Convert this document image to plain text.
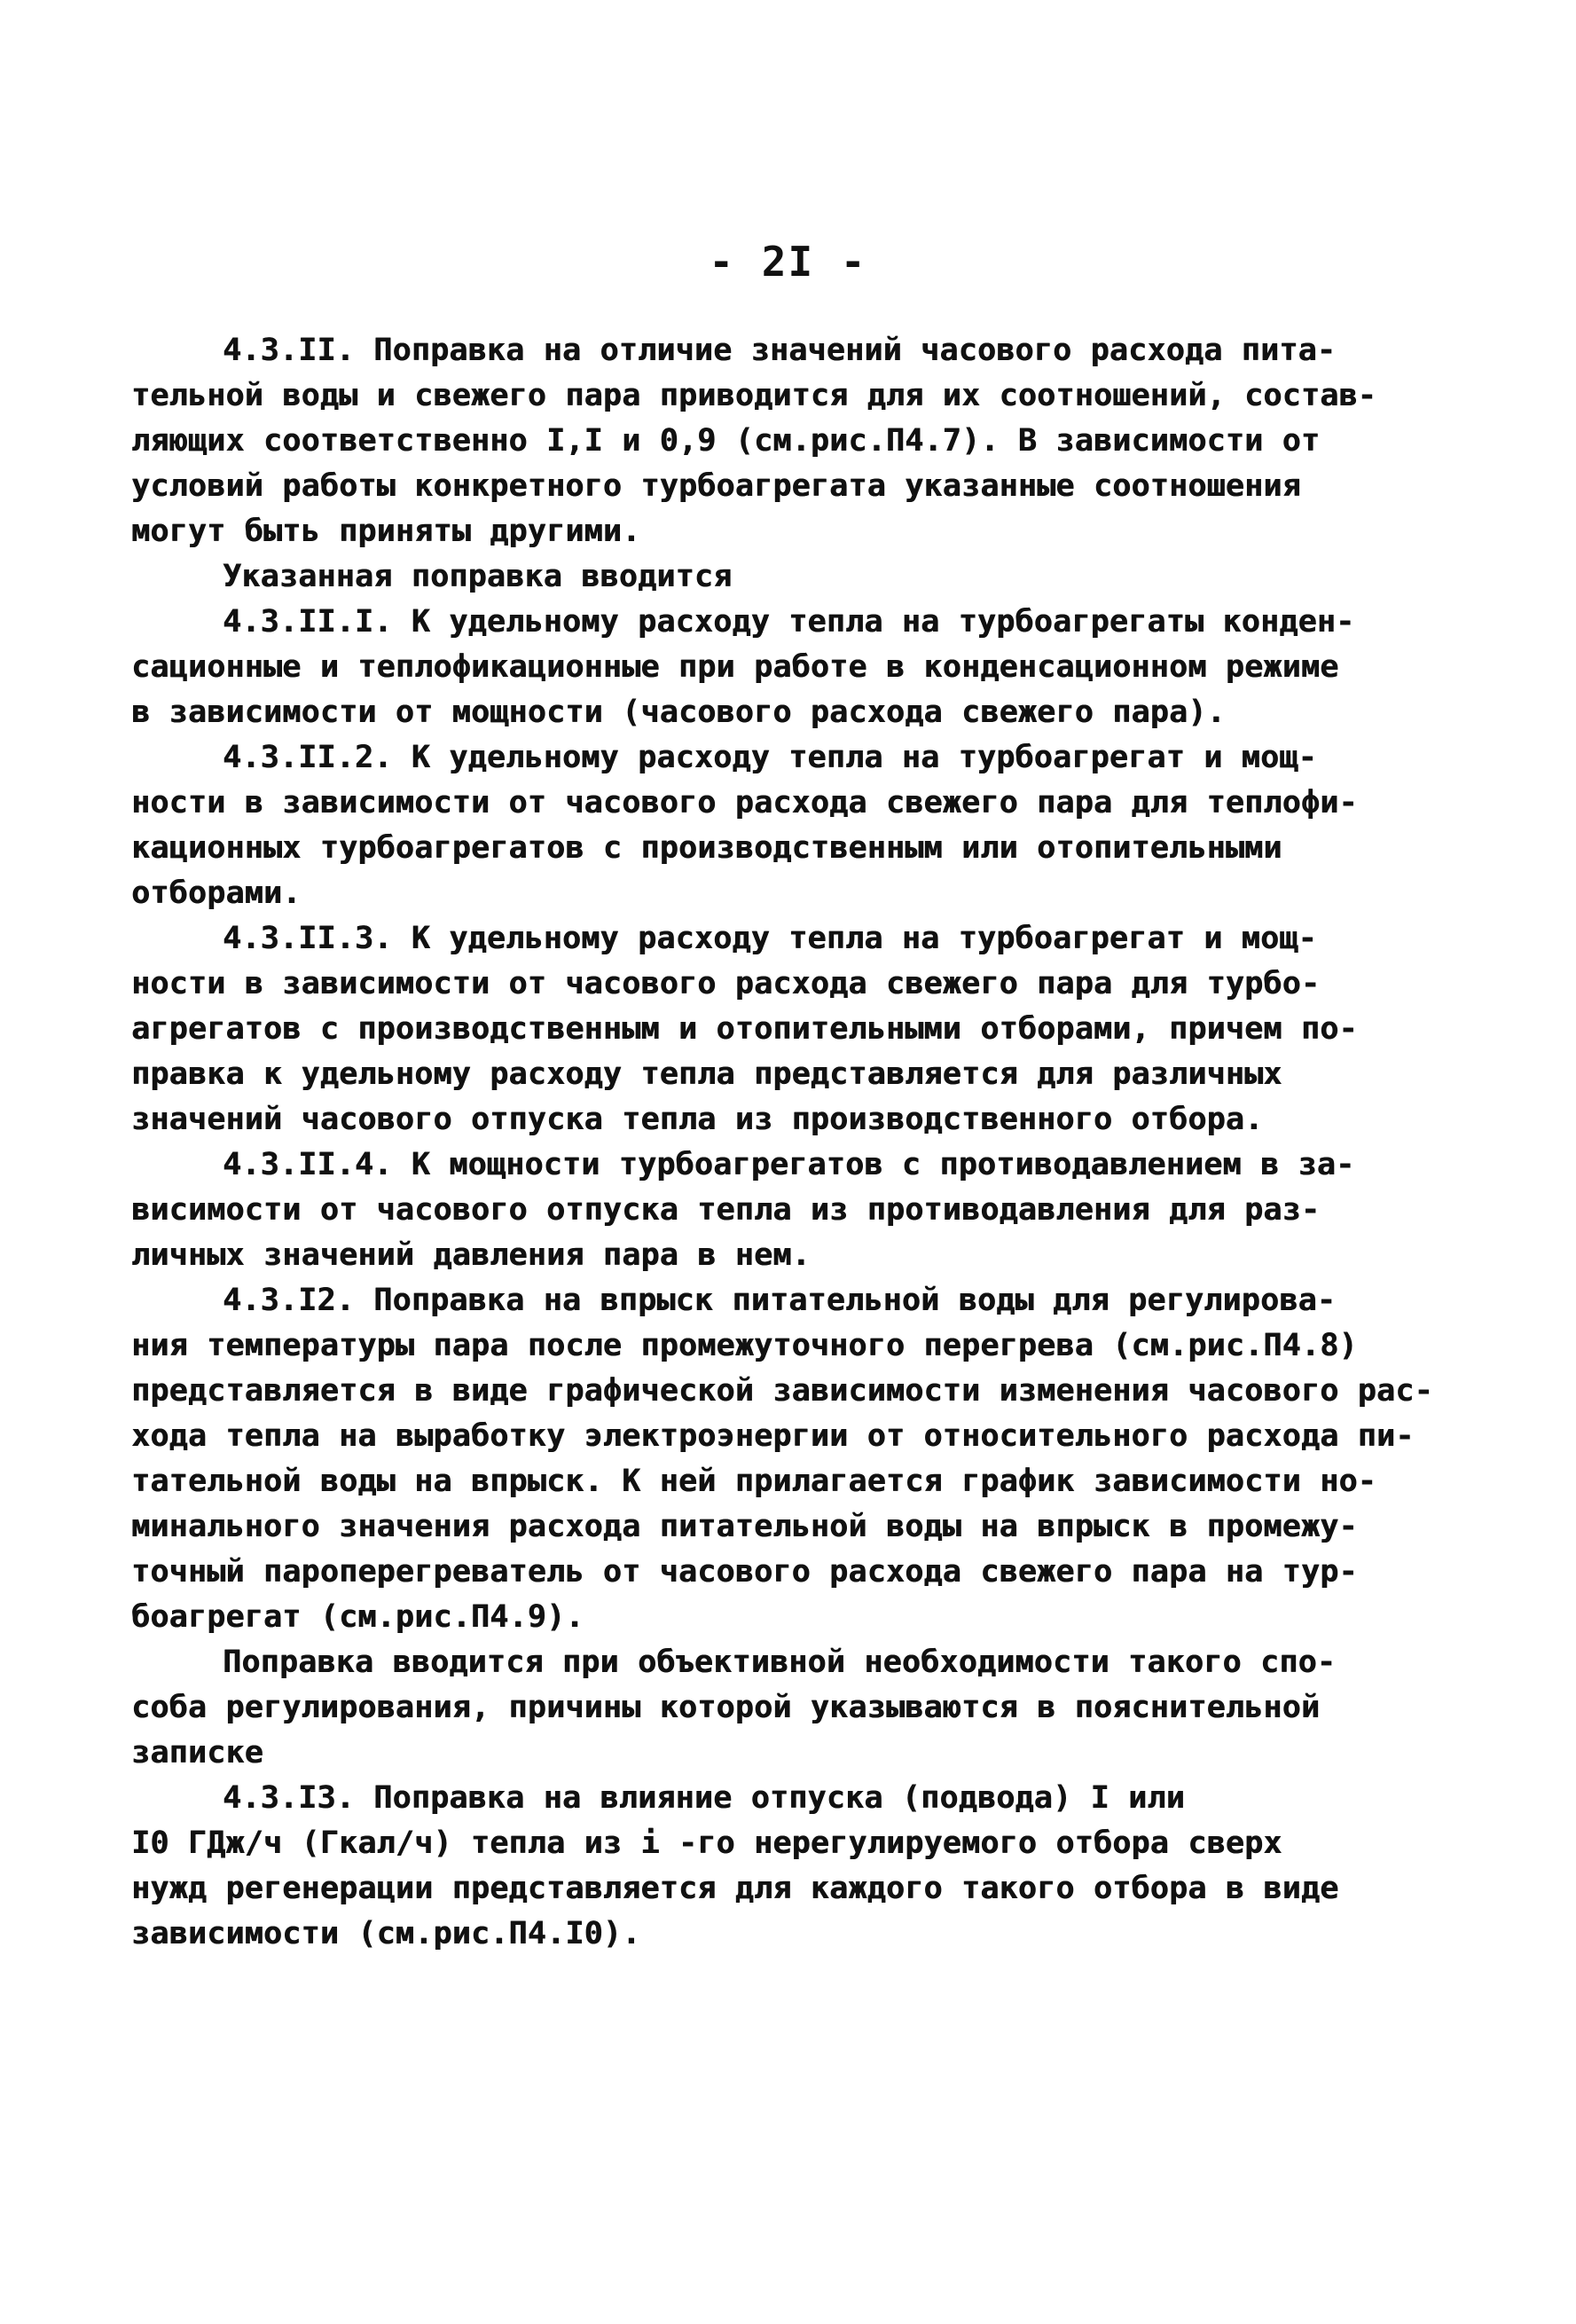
- 2I -
4.3.II. Поправка на отличие значений часового расхода пита-
тельной воды и свежего пара приводится для их соотношений, состав-
ляющих соответственно I,I и 0,9 (см.рис.П4.7). В зависимости от
условий работы конкретного турбоагрегата указанные соотношения
могут быть приняты другими.
Указанная поправка вводится
4.3.II.I. К удельному расходу тепла на турбоагрегаты конден-
сационные и теплофикационные при работе в конденсационном режиме
в зависимости от мощности (часового расхода свежего пара).
4.3.II.2. К удельному расходу тепла на турбоагрегат и мощ-
ности в зависимости от часового расхода свежего пара для теплофи-
кационных турбоагрегатов с производственным или отопительными
отборами.
4.3.II.3. К удельному расходу тепла на турбоагрегат и мощ-
ности в зависимости от часового расхода свежего пара для турбо-
агрегатов с производственным и отопительными отборами, причем по-
правка к удельному расходу тепла представляется для различных
значений часового отпуска тепла из производственного отбора.
4.3.II.4. К мощности турбоагрегатов с противодавлением в за-
висимости от часового отпуска тепла из противодавления для раз-
личных значений давления пара в нем.
4.3.I2. Поправка на впрыск питательной воды для регулирова-
ния температуры пара после промежуточного перегрева (см.рис.П4.8)
представляется в виде графической зависимости изменения часового рас-
хода тепла на выработку электроэнергии от относительного расхода пи-
тательной воды на впрыск. К ней прилагается график зависимости но-
минального значения расхода питательной воды на впрыск в промежу-
точный пароперегреватель от часового расхода свежего пара на тур-
боагрегат (см.рис.П4.9).
Поправка вводится при объективной необходимости такого спо-
соба регулирования, причины которой указываются в пояснительной
записке
4.3.I3. Поправка на влияние отпуска (подвода) I или
I0 ГДж/ч (Гкал/ч) тепла из i -го нерегулируемого отбора сверх
нужд регенерации представляется для каждого такого отбора в виде
зависимости (см.рис.П4.I0).
